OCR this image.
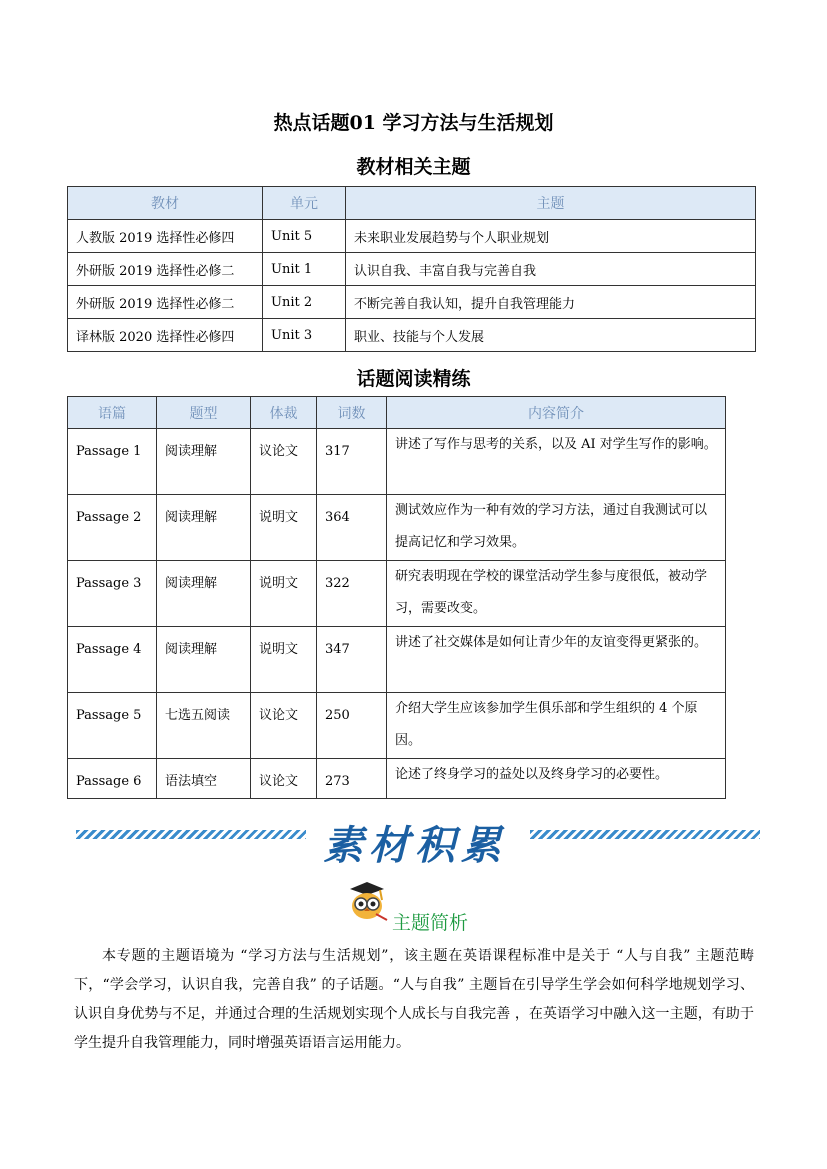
热点话题01 学习方法与生活规划
教材相关主题
教材	单元	主题
人教版 2019 选择性必修四	Unit 5	未来职业发展趋势与个人职业规划
外研版 2019 选择性必修二	Unit 1	认识自我、丰富自我与完善自我
外研版 2019 选择性必修二	Unit 2	不断完善自我认知，提升自我管理能力
译林版 2020 选择性必修四	Unit 3	职业、技能与个人发展
话题阅读精练
语篇	题型	体裁	词数	内容简介
Passage 1	阅读理解	议论文	317	讲述了写作与思考的关系，以及 AI 对学生写作的影响。
Passage 2	阅读理解	说明文	364	测试效应作为一种有效的学习方法，通过自我测试可以提高记忆和学习效果。
Passage 3	阅读理解	说明文	322	研究表明现在学校的课堂活动学生参与度很低，被动学习，需要改变。
Passage 4	阅读理解	说明文	347	讲述了社交媒体是如何让青少年的友谊变得更紧张的。
Passage 5	七选五阅读	议论文	250	介绍大学生应该参加学生俱乐部和学生组织的 4 个原因。
Passage 6	语法填空	议论文	273	论述了终身学习的益处以及终身学习的必要性。
素材积累
主题简析
本专题的主题语境为 “学习方法与生活规划”，该主题在英语课程标准中是关于 “人与自我” 主题范畴下，“学会学习，认识自我，完善自我” 的子话题。“人与自我” 主题旨在引导学生学会如何科学地规划学习、认识自身优势与不足，并通过合理的生活规划实现个人成长与自我完善 ，在英语学习中融入这一主题，有助于学生提升自我管理能力，同时增强英语语言运用能力。
